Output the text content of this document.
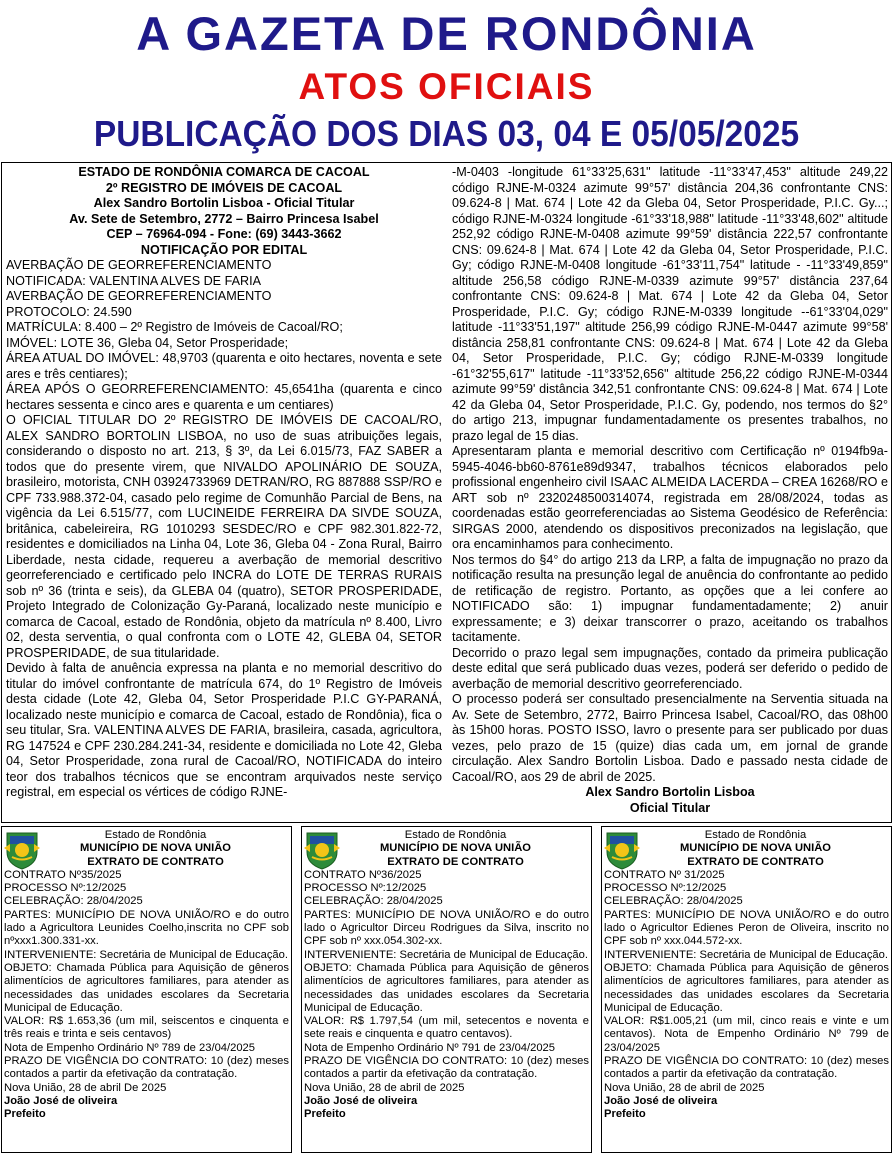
A GAZETA DE RONDÔNIA
ATOS OFICIAIS
PUBLICAÇÃO DOS DIAS 03, 04 E 05/05/2025

ESTADO DE RONDÔNIA COMARCA DE CACOAL

2º REGISTRO DE IMÓVEIS DE CACOAL

Alex Sandro Bortolin Lisboa - Oficial Titular

Av. Sete de Setembro, 2772 – Bairro Princesa Isabel

CEP – 76964-094 - Fone: (69) 3443-3662

NOTIFICAÇÃO POR EDITAL

AVERBAÇÃO DE GEORREFERENCIAMENTO

NOTIFICADA: VALENTINA ALVES DE FARIA

AVERBAÇÃO DE GEORREFERENCIAMENTO

PROTOCOLO: 24.590

MATRÍCULA: 8.400 – 2º Registro de Imóveis de Cacoal/RO;

IMÓVEL: LOTE 36, Gleba 04, Setor Prosperidade;

ÁREA ATUAL DO IMÓVEL: 48,9703 (quarenta e oito hectares, noventa e sete ares e três centiares);

ÁREA APÓS O GEORREFERENCIAMENTO: 45,6541ha (quarenta e cinco hectares sessenta e cinco ares e quarenta e um centiares)

O OFICIAL TITULAR DO 2º REGISTRO DE IMÓVEIS DE CACOAL/RO, ALEX SANDRO BORTOLIN LISBOA, no uso de suas atribuições legais, considerando o disposto no art. 213, § 3º, da Lei 6.015/73, FAZ SABER a todos que do presente virem, que NIVALDO APOLINÁRIO DE SOUZA, brasileiro, motorista, CNH 03924733969 DETRAN/RO, RG 887888 SSP/RO e CPF 733.988.372-04, casado pelo regime de Comunhão Parcial de Bens, na vigência da Lei 6.515/77, com LUCINEIDE FERREIRA DA SIVDE SOUZA, britânica, cabeleireira, RG 1010293 SESDEC/RO e CPF 982.301.822-72, residentes e domiciliados na Linha 04, Lote 36, Gleba 04 - Zona Rural, Bairro Liberdade, nesta cidade, requereu a averbação de memorial descritivo georreferenciado e certificado pelo INCRA do LOTE DE TERRAS RURAIS sob nº 36 (trinta e seis), da GLEBA 04 (quatro), SETOR PROSPERIDADE, Projeto Integrado de Colonização Gy-Paraná, localizado neste município e comarca de Cacoal, estado de Rondônia, objeto da matrícula nº 8.400, Livro 02, desta serventia, o qual confronta com o LOTE 42, GLEBA 04, SETOR PROSPERIDADE, de sua titularidade.

Devido à falta de anuência expressa na planta e no memorial descritivo do titular do imóvel confrontante de matrícula 674, do 1º Registro de Imóveis desta cidade (Lote 42, Gleba 04, Setor Prosperidade P.I.C GY-PARANÁ, localizado neste município e comarca de Cacoal, estado de Rondônia), fica o seu titular, Sra. VALENTINA ALVES DE FARIA, brasileira, casada, agricultora, RG 147524 e CPF 230.284.241-34, residente e domiciliada no Lote 42, Gleba 04, Setor Prosperidade, zona rural de Cacoal/RO, NOTIFICADA do inteiro teor dos trabalhos técnicos que se encontram arquivados neste serviço registral, em especial os vértices de código RJNE-

-M-0403 -longitude 61°33'25,631" latitude -11°33'47,453" altitude 249,22 código RJNE-M-0324 azimute 99°57' distância 204,36 confrontante CNS: 09.624-8 | Mat. 674 | Lote 42 da Gleba 04, Setor Prosperidade, P.I.C. Gy...; código RJNE-M-0324 longitude -61°33'18,988" latitude -11°33'48,602" altitude 252,92 código RJNE-M-0408 azimute 99°59' distância 222,57 confrontante CNS: 09.624-8 | Mat. 674 | Lote 42 da Gleba 04, Setor Prosperidade, P.I.C. Gy; código RJNE-M-0408 longitude -61°33'11,754" latitude - -11°33'49,859" altitude 256,58 código RJNE-M-0339 azimute 99°57' distância 237,64 confrontante CNS: 09.624-8 | Mat. 674 | Lote 42 da Gleba 04, Setor Prosperidade, P.I.C. Gy; código RJNE-M-0339 longitude --61°33'04,029" latitude -11°33'51,197" altitude 256,99 código RJNE-M-0447 azimute 99°58' distância 258,81 confrontante CNS: 09.624-8 | Mat. 674 | Lote 42 da Gleba 04, Setor Prosperidade, P.I.C. Gy; código RJNE-M-0339 longitude -61°32'55,617" latitude -11°33'52,656" altitude 256,22 código RJNE-M-0344 azimute 99°59' distância 342,51 confrontante CNS: 09.624-8 | Mat. 674 | Lote 42 da Gleba 04, Setor Prosperidade, P.I.C. Gy, podendo, nos termos do §2° do artigo 213, impugnar fundamentadamente os presentes trabalhos, no prazo legal de 15 dias.

Apresentaram planta e memorial descritivo com Certificação nº 0194fb9a-5945-4046-bb60-8761e89d9347, trabalhos técnicos elaborados pelo profissional engenheiro civil ISAAC ALMEIDA LACERDA – CREA 16268/RO e ART sob nº 2320248500314074, registrada em 28/08/2024, todas as coordenadas estão georreferenciadas ao Sistema Geodésico de Referência: SIRGAS 2000, atendendo os dispositivos preconizados na legislação, que ora encaminhamos para conhecimento.

Nos termos do §4° do artigo 213 da LRP, a falta de impugnação no prazo da notificação resulta na presunção legal de anuência do confrontante ao pedido de retificação de registro. Portanto, as opções que a lei confere ao NOTIFICADO são: 1) impugnar fundamentadamente; 2) anuir expressamente; e 3) deixar transcorrer o prazo, aceitando os trabalhos tacitamente.

Decorrido o prazo legal sem impugnações, contado da primeira publicação deste edital que será publicado duas vezes, poderá ser deferido o pedido de averbação de memorial descritivo georreferenciado.

O processo poderá ser consultado presencialmente na Serventia situada na Av. Sete de Setembro, 2772, Bairro Princesa Isabel, Cacoal/RO, das 08h00 às 15h00 horas. POSTO ISSO, lavro o presente para ser publicado por duas vezes, pelo prazo de 15 (quize) dias cada um, em jornal de grande circulação. Alex Sandro Bortolin Lisboa. Dado e passado nesta cidade de Cacoal/RO, aos 29 de abril de 2025.

Alex Sandro Bortolin Lisboa

Oficial Titular

Estado de Rondônia
MUNICÍPIO DE NOVA UNIÃO
EXTRATO DE CONTRATO

CONTRATO Nº35/2025

PROCESSO Nº:12/2025

CELEBRAÇÃO: 28/04/2025

PARTES: MUNICÍPIO DE NOVA UNIÃO/RO e do outro lado a Agricultora Leunides Coelho,inscrita no CPF sob nºxxx1.300.331-xx.

INTERVENIENTE: Secretária de Municipal de Educação.

OBJETO: Chamada Pública para Aquisição de gêneros alimentícios de agricultores familiares, para atender as necessidades das unidades escolares da Secretaria Municipal de Educação.

VALOR: R$ 1.653,36 (um mil, seiscentos e cinquenta e três reais e trinta e seis centavos)

Nota de Empenho Ordinário Nº 789 de 23/04/2025

PRAZO DE VIGÊNCIA DO CONTRATO: 10 (dez) meses contados a partir da efetivação da contratação.

Nova União, 28 de abril De 2025

João José de oliveira

Prefeito

Estado de Rondônia
MUNICÍPIO DE NOVA UNIÃO
EXTRATO DE CONTRATO

CONTRATO Nº36/2025

PROCESSO Nº:12/2025

CELEBRAÇÃO: 28/04/2025

PARTES: MUNICÍPIO DE NOVA UNIÃO/RO e do outro lado o Agricultor Dirceu Rodrigues da Silva, inscrito no CPF sob nº xxx.054.302-xx.

INTERVENIENTE: Secretária de Municipal de Educação.

OBJETO: Chamada Pública para Aquisição de gêneros alimentícios de agricultores familiares, para atender as necessidades das unidades escolares da Secretaria Municipal de Educação.

VALOR: R$ 1.797,54 (um mil, setecentos e noventa e sete reais e cinquenta e quatro centavos).

Nota de Empenho Ordinário Nº 791 de 23/04/2025

PRAZO DE VIGÊNCIA DO CONTRATO: 10 (dez) meses contados a partir da efetivação da contratação.

Nova União, 28 de abril de 2025

João José de oliveira

Prefeito

Estado de Rondônia
MUNICÍPIO DE NOVA UNIÃO
EXTRATO DE CONTRATO

CONTRATO Nº 31/2025

PROCESSO Nº:12/2025

CELEBRAÇÃO: 28/04/2025

PARTES: MUNICÍPIO DE NOVA UNIÃO/RO e do outro lado o Agricultor Edienes Peron de Oliveira, inscrito no CPF sob nº xxx.044.572-xx.

INTERVENIENTE: Secretária de Municipal de Educação.

OBJETO: Chamada Pública para Aquisição de gêneros alimentícios de agricultores familiares, para atender as necessidades das unidades escolares da Secretaria Municipal de Educação.

VALOR: R$1.005,21 (um mil, cinco reais e vinte e um centavos). Nota de Empenho Ordinário Nº 799 de 23/04/2025

PRAZO DE VIGÊNCIA DO CONTRATO: 10 (dez) meses contados a partir da efetivação da contratação.

Nova União, 28 de abril de 2025

João José de oliveira

Prefeito
